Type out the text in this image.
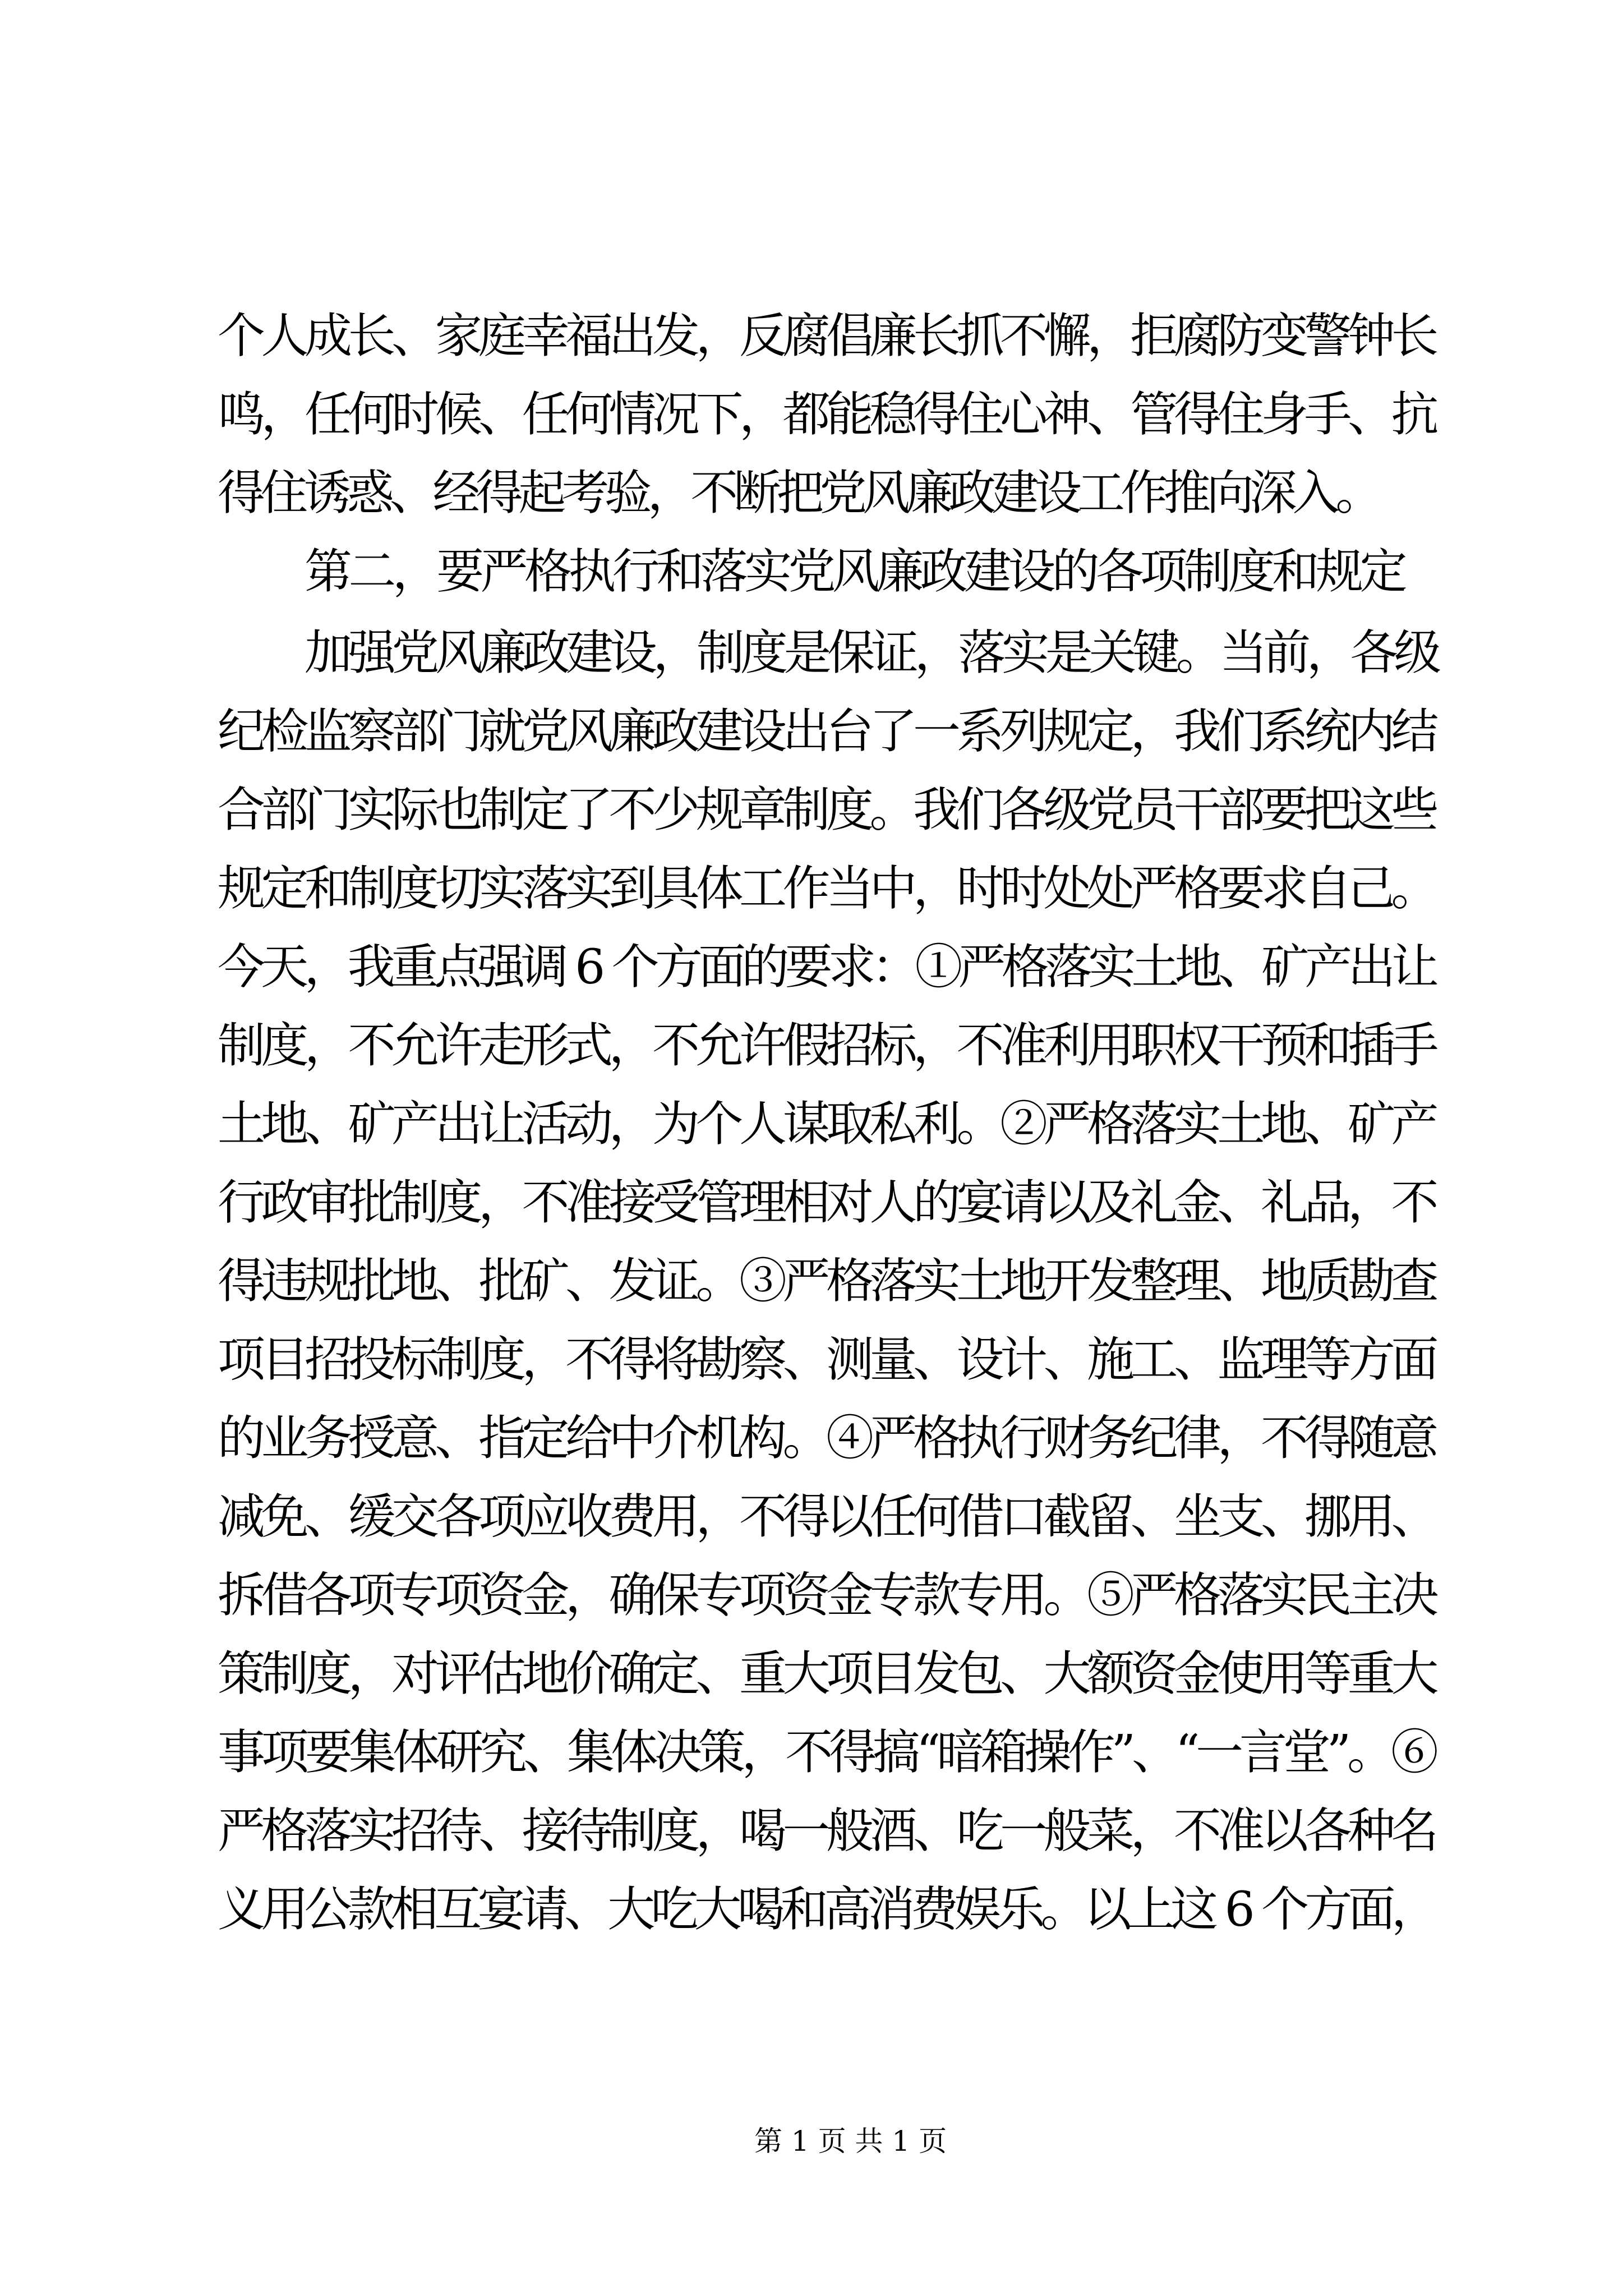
个人成长、家庭幸福出发，反腐倡廉长抓不懈，拒腐防变警钟长
鸣，任何时候、任何情况下，都能稳得住心神、管得住身手、抗
得住诱惑、经得起考验，不断把党风廉政建设工作推向深入。
第二，要严格执行和落实党风廉政建设的各项制度和规定
加强党风廉政建设，制度是保证，落实是关键。当前，各级
纪检监察部门就党风廉政建设出台了一系列规定，我们系统内结
合部门实际也制定了不少规章制度。我们各级党员干部要把这些
规定和制度切实落实到具体工作当中，时时处处严格要求自己。
今天，我重点强调 6 个方面的要求：①严格落实土地、矿产出让
制度，不允许走形式，不允许假招标，不准利用职权干预和插手
土地、矿产出让活动，为个人谋取私利。②严格落实土地、矿产
行政审批制度，不准接受管理相对人的宴请以及礼金、礼品，不
得违规批地、批矿、发证。③严格落实土地开发整理、地质勘查
项目招投标制度，不得将勘察、测量、设计、施工、监理等方面
的业务授意、指定给中介机构。④严格执行财务纪律，不得随意
减免、缓交各项应收费用，不得以任何借口截留、坐支、挪用、
拆借各项专项资金，确保专项资金专款专用。⑤严格落实民主决
策制度，对评估地价确定、重大项目发包、大额资金使用等重大
事项要集体研究、集体决策，不得搞“暗箱操作”、“一言堂”。⑥
严格落实招待、接待制度，喝一般酒、吃一般菜，不准以各种名
义用公款相互宴请、大吃大喝和高消费娱乐。以上这 6 个方面，
第 1 页 共 1 页
